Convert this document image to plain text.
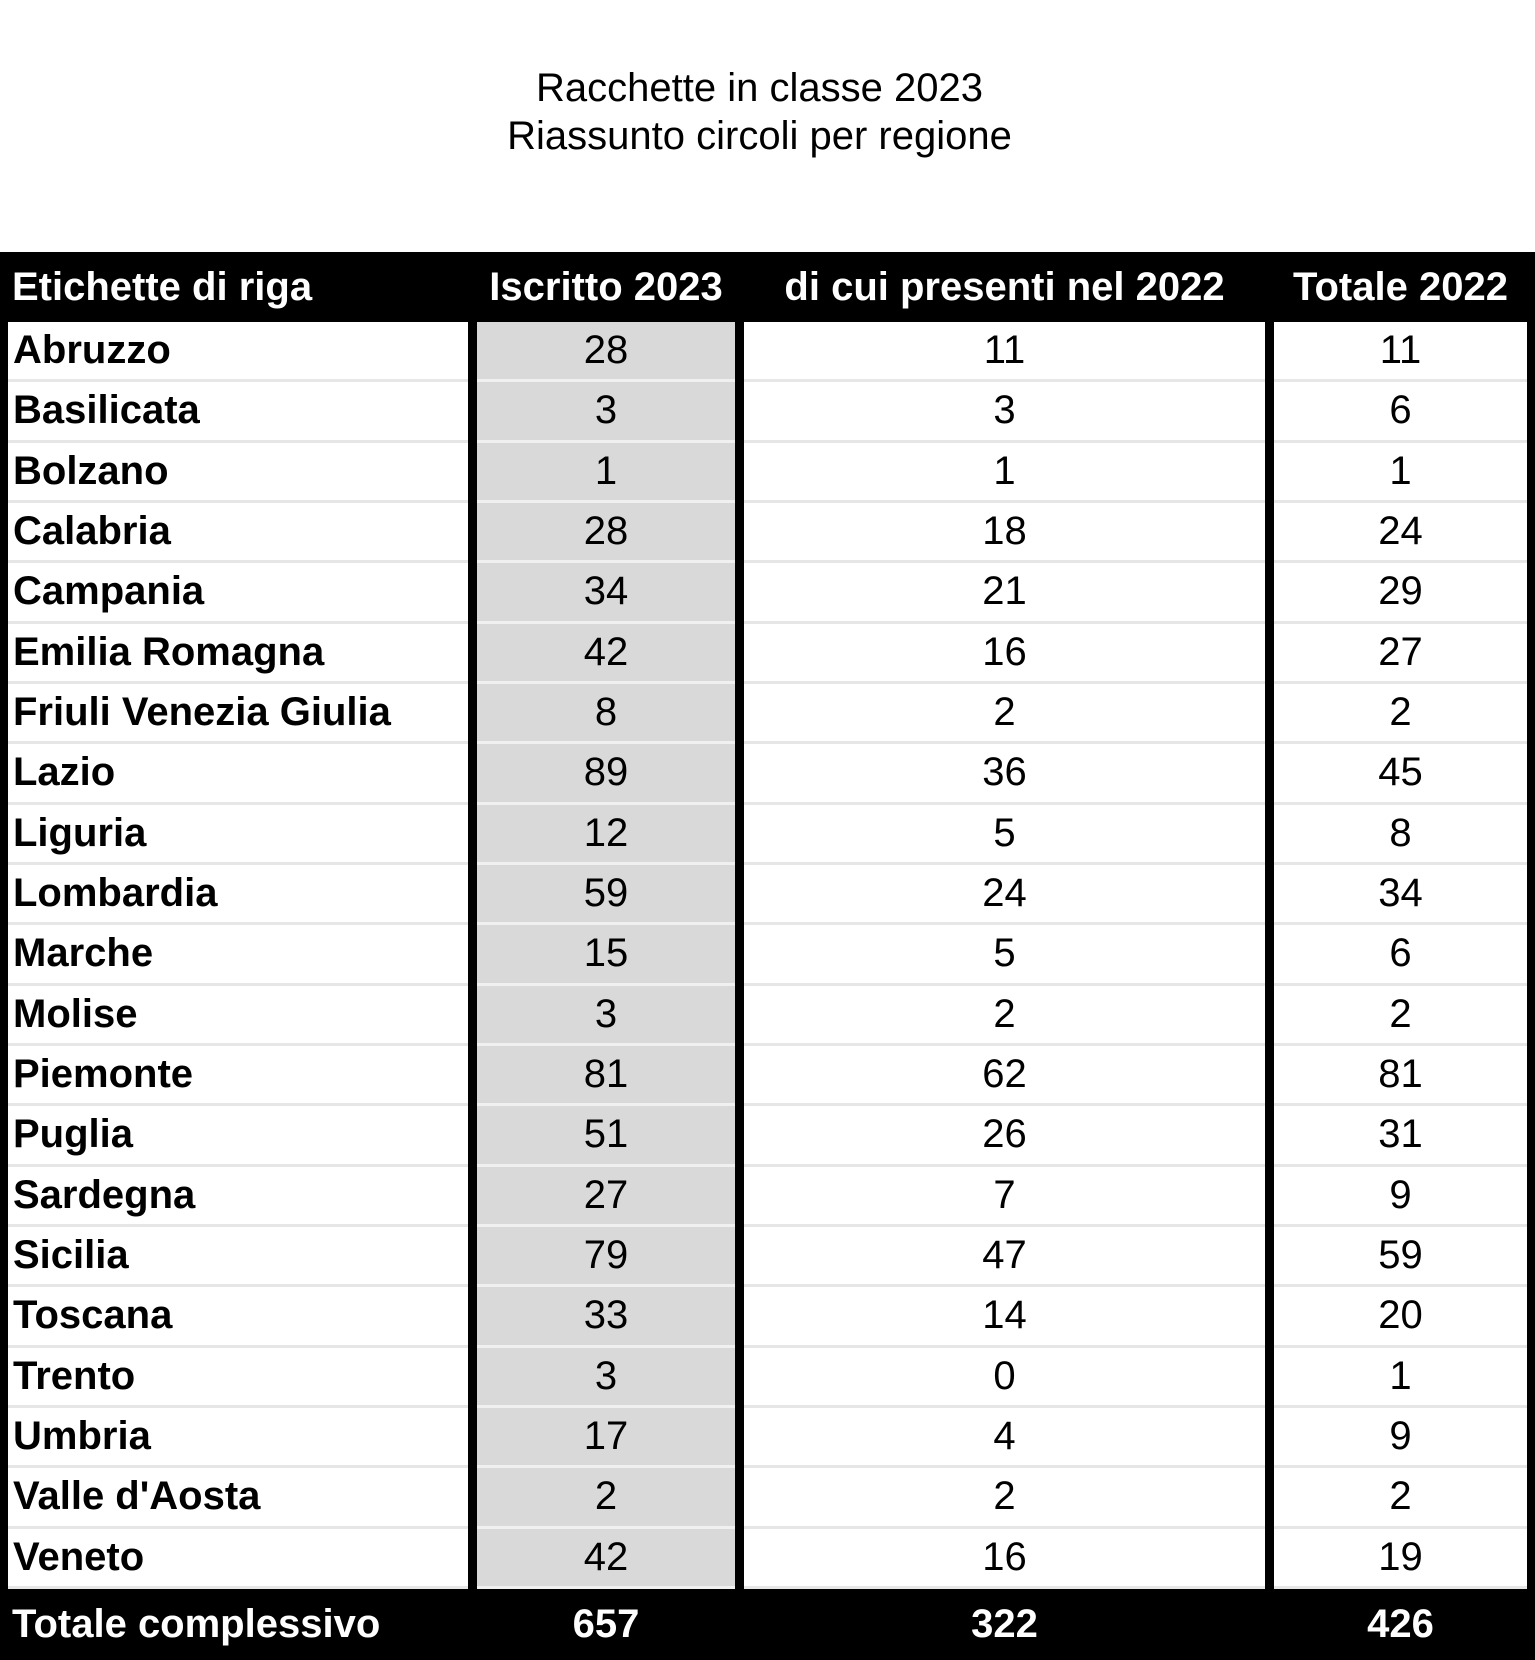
Racchette in classe 2023
Riassunto circoli per regione
Etichette di riga	Iscritto 2023	di cui presenti nel 2022	Totale 2022
Abruzzo	28	11	11
Basilicata	3	3	6
Bolzano	1	1	1
Calabria	28	18	24
Campania	34	21	29
Emilia Romagna	42	16	27
Friuli Venezia Giulia	8	2	2
Lazio	89	36	45
Liguria	12	5	8
Lombardia	59	24	34
Marche	15	5	6
Molise	3	2	2
Piemonte	81	62	81
Puglia	51	26	31
Sardegna	27	7	9
Sicilia	79	47	59
Toscana	33	14	20
Trento	3	0	1
Umbria	17	4	9
Valle d'Aosta	2	2	2
Veneto	42	16	19
Totale complessivo	657	322	426
